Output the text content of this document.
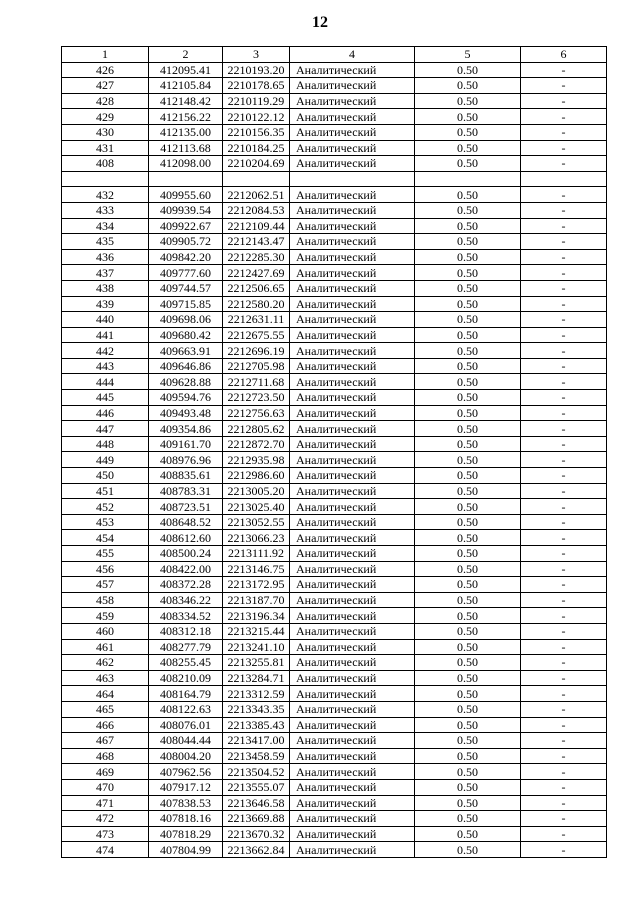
12
1	2	3	4	5	6
426	412095.41	2210193.20	Аналитический	0.50	-
427	412105.84	2210178.65	Аналитический	0.50	-
428	412148.42	2210119.29	Аналитический	0.50	-
429	412156.22	2210122.12	Аналитический	0.50	-
430	412135.00	2210156.35	Аналитический	0.50	-
431	412113.68	2210184.25	Аналитический	0.50	-
408	412098.00	2210204.69	Аналитический	0.50	-

432	409955.60	2212062.51	Аналитический	0.50	-
433	409939.54	2212084.53	Аналитический	0.50	-
434	409922.67	2212109.44	Аналитический	0.50	-
435	409905.72	2212143.47	Аналитический	0.50	-
436	409842.20	2212285.30	Аналитический	0.50	-
437	409777.60	2212427.69	Аналитический	0.50	-
438	409744.57	2212506.65	Аналитический	0.50	-
439	409715.85	2212580.20	Аналитический	0.50	-
440	409698.06	2212631.11	Аналитический	0.50	-
441	409680.42	2212675.55	Аналитический	0.50	-
442	409663.91	2212696.19	Аналитический	0.50	-
443	409646.86	2212705.98	Аналитический	0.50	-
444	409628.88	2212711.68	Аналитический	0.50	-
445	409594.76	2212723.50	Аналитический	0.50	-
446	409493.48	2212756.63	Аналитический	0.50	-
447	409354.86	2212805.62	Аналитический	0.50	-
448	409161.70	2212872.70	Аналитический	0.50	-
449	408976.96	2212935.98	Аналитический	0.50	-
450	408835.61	2212986.60	Аналитический	0.50	-
451	408783.31	2213005.20	Аналитический	0.50	-
452	408723.51	2213025.40	Аналитический	0.50	-
453	408648.52	2213052.55	Аналитический	0.50	-
454	408612.60	2213066.23	Аналитический	0.50	-
455	408500.24	2213111.92	Аналитический	0.50	-
456	408422.00	2213146.75	Аналитический	0.50	-
457	408372.28	2213172.95	Аналитический	0.50	-
458	408346.22	2213187.70	Аналитический	0.50	-
459	408334.52	2213196.34	Аналитический	0.50	-
460	408312.18	2213215.44	Аналитический	0.50	-
461	408277.79	2213241.10	Аналитический	0.50	-
462	408255.45	2213255.81	Аналитический	0.50	-
463	408210.09	2213284.71	Аналитический	0.50	-
464	408164.79	2213312.59	Аналитический	0.50	-
465	408122.63	2213343.35	Аналитический	0.50	-
466	408076.01	2213385.43	Аналитический	0.50	-
467	408044.44	2213417.00	Аналитический	0.50	-
468	408004.20	2213458.59	Аналитический	0.50	-
469	407962.56	2213504.52	Аналитический	0.50	-
470	407917.12	2213555.07	Аналитический	0.50	-
471	407838.53	2213646.58	Аналитический	0.50	-
472	407818.16	2213669.88	Аналитический	0.50	-
473	407818.29	2213670.32	Аналитический	0.50	-
474	407804.99	2213662.84	Аналитический	0.50	-
